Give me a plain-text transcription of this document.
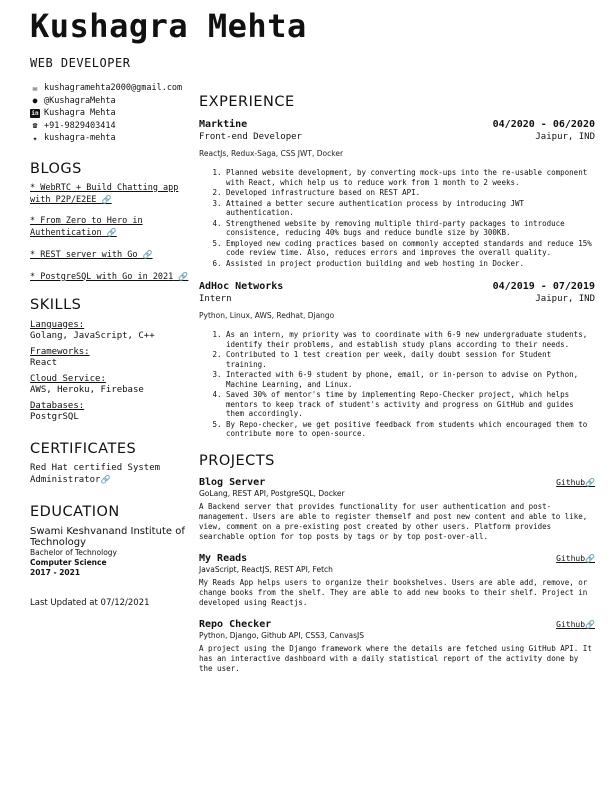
Kushagra Mehta
WEB DEVELOPER
✉ kushagramehta2000@gmail.com
● @KushagraMehta
in Kushagra Mehta
☎ +91-9829403414
✦ kushagra-mehta
BLOGS
* WebRTC + Build Chatting app with P2P/E2EE 🔗
* From Zero to Hero in Authentication 🔗
* REST server with Go 🔗
* PostgreSQL with Go in 2021 🔗
SKILLS
Languages:
Golang, JavaScript, C++
Frameworks:
React
Cloud Service:
AWS, Heroku, Firebase
Databases:
PostgrSQL
CERTIFICATES
Red Hat certified System Administrator🔗
EDUCATION
Swami Keshvanand Institute of Technology
Bachelor of Technology
Computer Science
2017 - 2021
Last Updated at 07/12/2021
EXPERIENCE
Marktine	04/2020 - 06/2020
Front-end Developer	Jaipur, IND
ReactJs, Redux-Saga, CSS JWT, Docker
1. Planned website development, by converting mock-ups into the re-usable component with React, which help us to reduce work from 1 month to 2 weeks.
2. Developed infrastructure based on REST API.
3. Attained a better secure authentication process by introducing JWT authentication.
4. Strengthened website by removing multiple third-party packages to introduce consistence, reducing 40% bugs and reduce bundle size by 300KB.
5. Employed new coding practices based on commonly accepted standards and reduce 15% code review time. Also, reduces errors and improves the overall quality.
6. Assisted in project production building and web hosting in Docker.
AdHoc Networks	04/2019 - 07/2019
Intern	Jaipur, IND
Python, Linux, AWS, Redhat, Django
1. As an intern, my priority was to coordinate with 6-9 new undergraduate students, identify their problems, and establish study plans according to their needs.
2. Contributed to 1 test creation per week, daily doubt session for Student training.
3. Interacted with 6-9 student by phone, email, or in-person to advise on Python, Machine Learning, and Linux.
4. Saved 30% of mentor's time by implementing Repo-Checker project, which helps mentors to keep track of student's activity and progress on GitHub and guides them accordingly.
5. By Repo-checker, we get positive feedback from students which encouraged them to contribute more to open-source.
PROJECTS
Blog Server	Github🔗
GoLang, REST API, PostgreSQL, Docker
A Backend server that provides functionality for user authentication and post-management. Users are able to register themself and post new content and able to like, view, comment on a pre-existing post created by other users. Platform provides searchable option for top posts by tags or by top post-over-all.
My Reads	Github🔗
JavaScript, ReactJS, REST API, Fetch
My Reads App helps users to organize their bookshelves. Users are able add, remove, or change books from the shelf. They are able to add new books to their shelf. Project in developed using Reactjs.
Repo Checker	Github🔗
Python, Django, Github API, CSS3, CanvasJS
A project using the Django framework where the details are fetched using GitHub API. It has an interactive dashboard with a daily statistical report of the activity done by the user.
